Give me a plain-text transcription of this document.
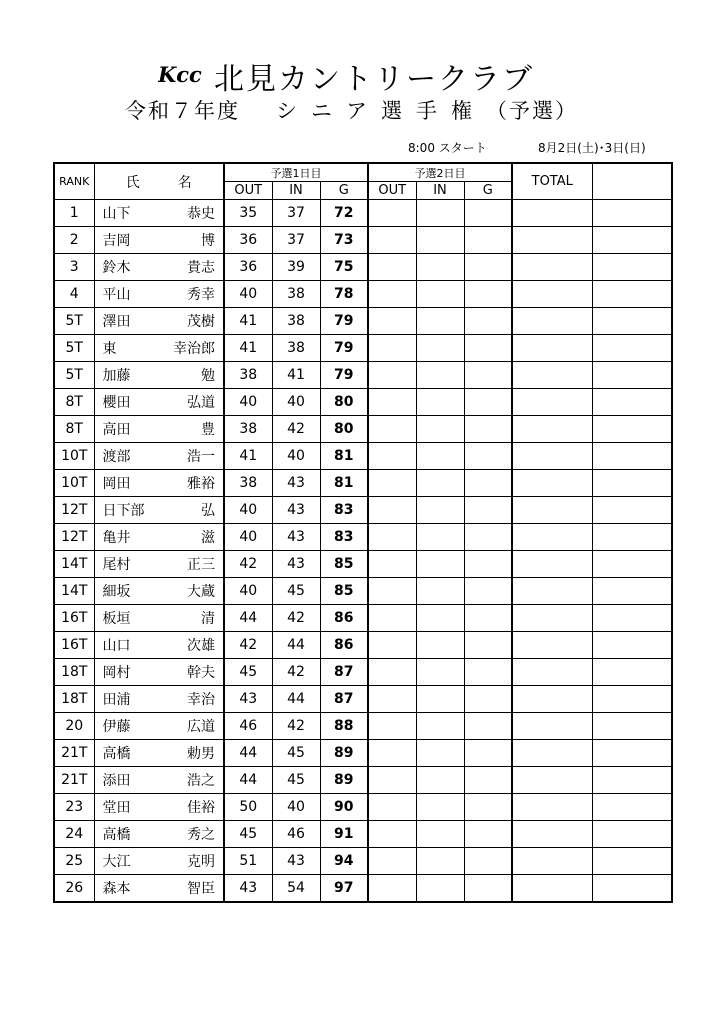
Kcc 北見カントリークラブ
令和７年度 シニア選手権（予選）
8:00 スタート	8月2日(土)･3日(日)
RANK	氏 名	予選1日目			予選2日目			TOTAL	
		OUT	IN	G	OUT	IN	G		
1	山下 恭史	35	37	72					
2	吉岡 博	36	37	73					
3	鈴木 貴志	36	39	75					
4	平山 秀幸	40	38	78					
5T	澤田 茂樹	41	38	79					
5T	東 幸治郎	41	38	79					
5T	加藤 勉	38	41	79					
8T	櫻田 弘道	40	40	80					
8T	高田 豊	38	42	80					
10T	渡部 浩一	41	40	81					
10T	岡田 雅裕	38	43	81					
12T	日下部 弘	40	43	83					
12T	亀井 滋	40	43	83					
14T	尾村 正三	42	43	85					
14T	細坂 大蔵	40	45	85					
16T	板垣 清	44	42	86					
16T	山口 次雄	42	44	86					
18T	岡村 幹夫	45	42	87					
18T	田浦 幸治	43	44	87					
20	伊藤 広道	46	42	88					
21T	高橋 勅男	44	45	89					
21T	添田 浩之	44	45	89					
23	堂田 佳裕	50	40	90					
24	高橋 秀之	45	46	91					
25	大江 克明	51	43	94					
26	森本 智臣	43	54	97					
